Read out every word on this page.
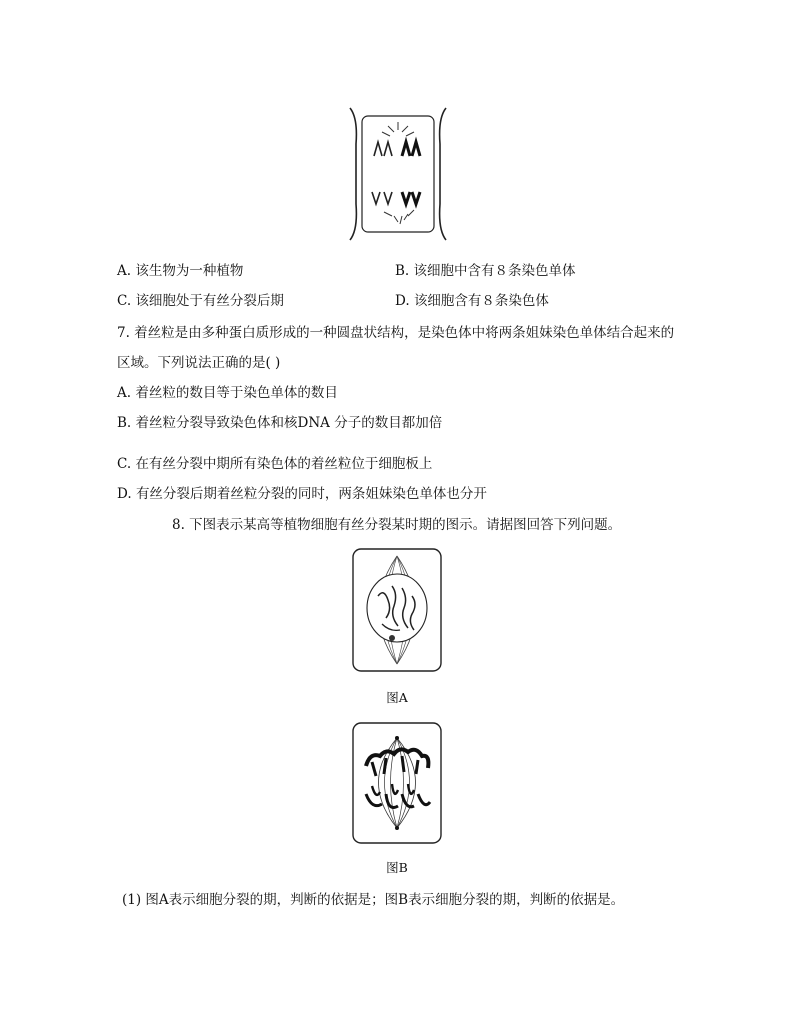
A. 该生物为一种植物	B. 该细胞中含有８条染色单体
C. 该细胞处于有丝分裂后期	D. 该细胞含有８条染色体
7. 着丝粒是由多种蛋白质形成的一种圆盘状结构，是染色体中将两条姐妹染色单体结合起来的
区域。下列说法正确的是( )
A. 着丝粒的数目等于染色单体的数目
B. 着丝粒分裂导致染色体和核DNA 分子的数目都加倍
C. 在有丝分裂中期所有染色体的着丝粒位于细胞板上
D. 有丝分裂后期着丝粒分裂的同时，两条姐妹染色单体也分开
8. 下图表示某高等植物细胞有丝分裂某时期的图示。请据图回答下列问题。
图A
图B
(1) 图A表示细胞分裂的期，判断的依据是；图B表示细胞分裂的期，判断的依据是。
